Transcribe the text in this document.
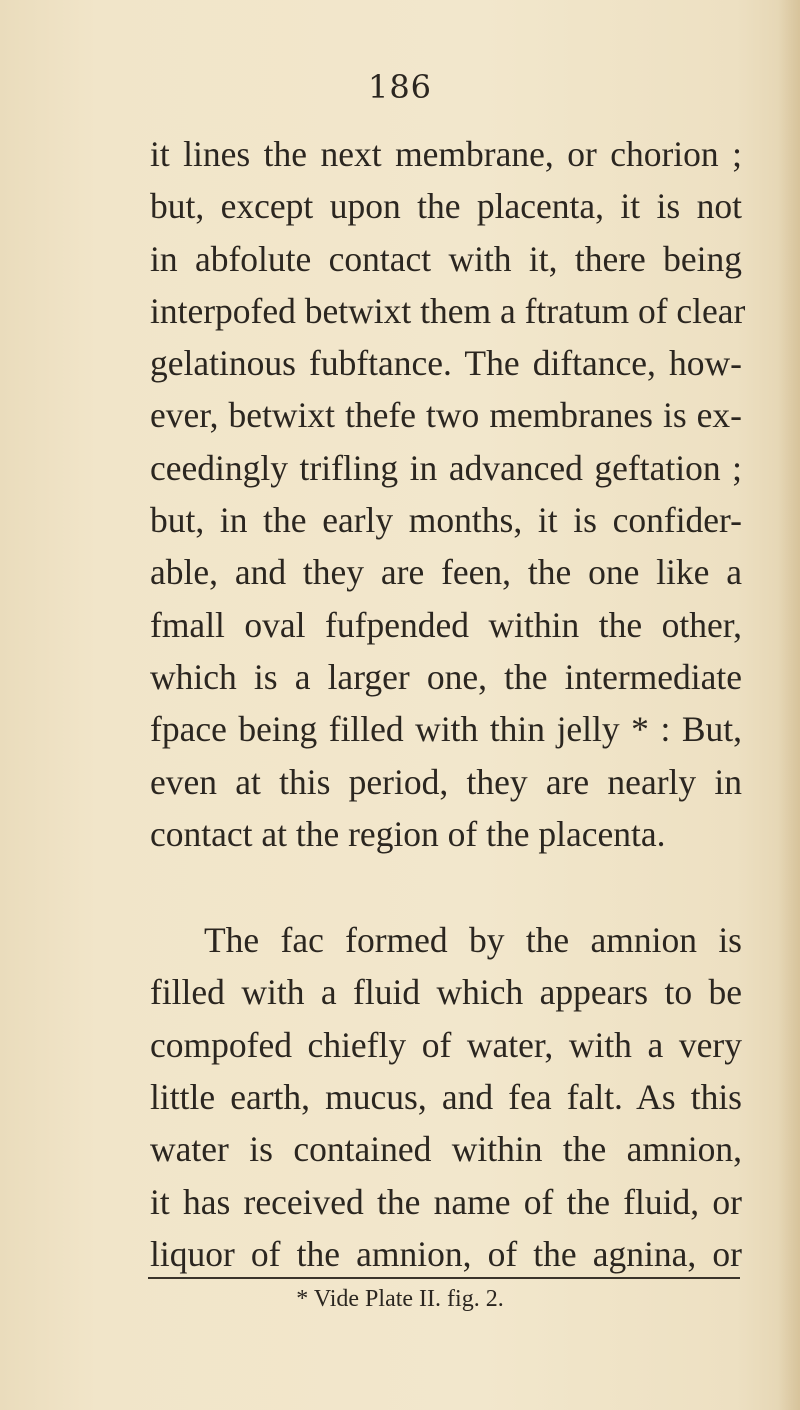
186
it lines the next membrane, or chorion ;
but, except upon the placenta, it is not
in abfolute contact with it, there being
interpofed betwixt them a ftratum of clear
gelatinous fubftance. The diftance, how-
ever, betwixt thefe two membranes is ex-
ceedingly trifling in advanced geftation ;
but, in the early months, it is confider-
able, and they are feen, the one like a
fmall oval fufpended within the other,
which is a larger one, the intermediate
fpace being filled with thin jelly * : But,
even at this period, they are nearly in
contact at the region of the placenta.
The fac formed by the amnion is
filled with a fluid which appears to be
compofed chiefly of water, with a very
little earth, mucus, and fea falt. As this
water is contained within the amnion,
it has received the name of the fluid, or
liquor of the amnion, of the agnina, or
* Vide Plate II. fig. 2.
